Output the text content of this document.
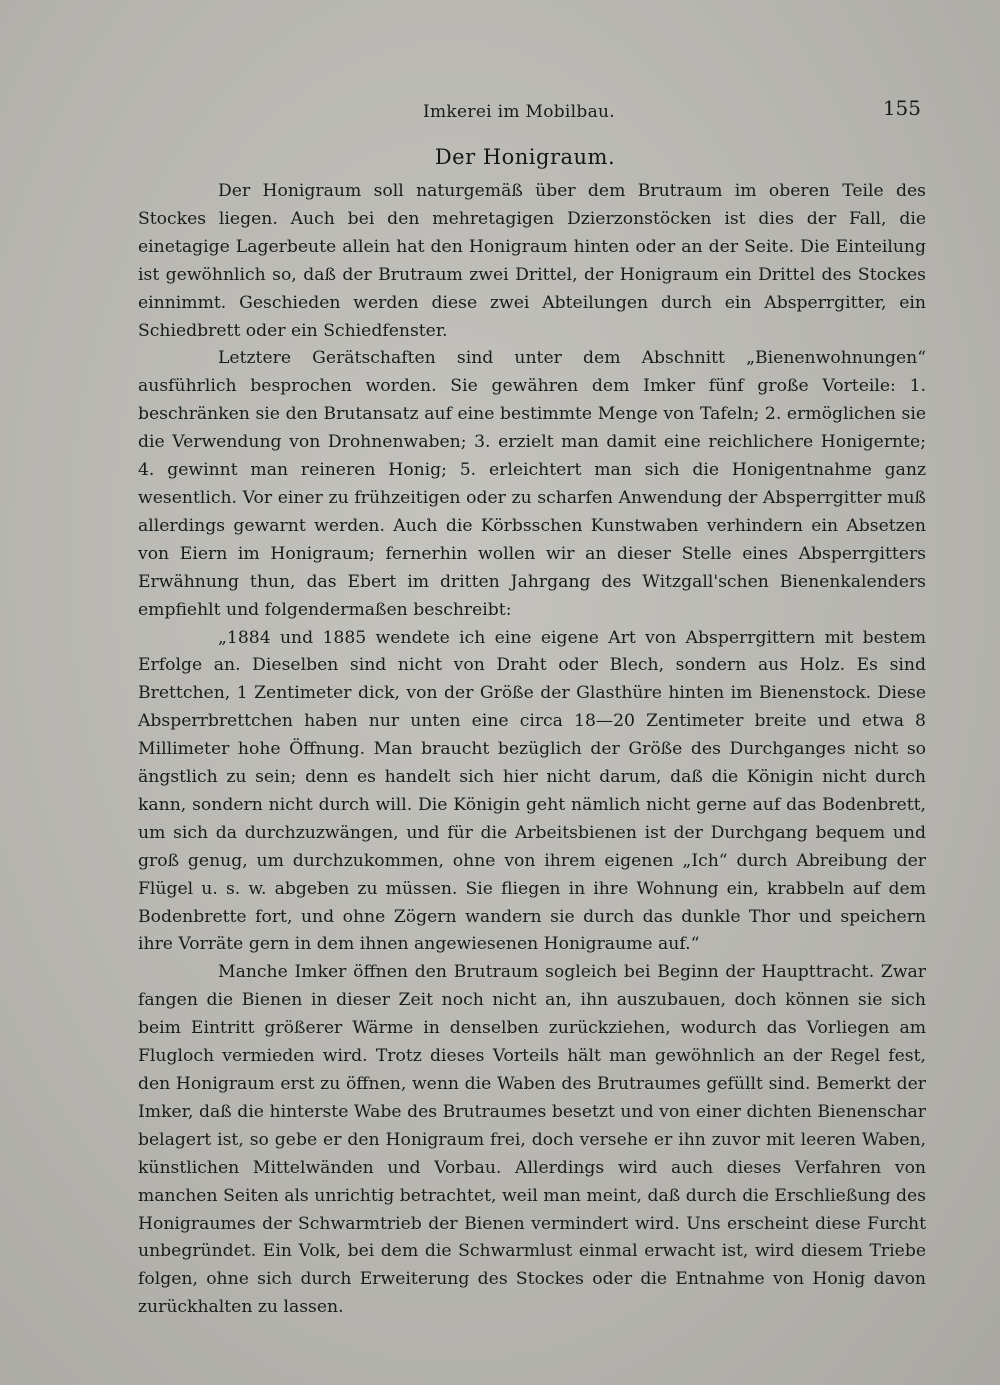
Imkerei im Mobilbau.	155
Der Honigraum.

Der Honigraum soll naturgemäß über dem Brutraum im oberen Teile des Stockes liegen. Auch bei den mehretagigen Dzierzonstöcken ist dies der Fall, die einetagige Lagerbeute allein hat den Honigraum hinten oder an der Seite. Die Einteilung ist gewöhnlich so, daß der Brutraum zwei Drittel, der Honigraum ein Drittel des Stockes einnimmt. Geschieden werden diese zwei Abteilungen durch ein Absperrgitter, ein Schiedbrett oder ein Schiedfenster.

Letztere Gerätschaften sind unter dem Abschnitt „Bienenwohnungen“ ausführlich besprochen worden. Sie gewähren dem Imker fünf große Vorteile: 1. beschränken sie den Brutansatz auf eine bestimmte Menge von Tafeln; 2. ermöglichen sie die Verwendung von Drohnenwaben; 3. erzielt man damit eine reichlichere Honigernte; 4. gewinnt man reineren Honig; 5. erleichtert man sich die Honigentnahme ganz wesentlich. Vor einer zu frühzeitigen oder zu scharfen Anwendung der Absperrgitter muß allerdings gewarnt werden. Auch die Körbsschen Kunstwaben verhindern ein Absetzen von Eiern im Honigraum; fernerhin wollen wir an dieser Stelle eines Absperrgitters Erwähnung thun, das Ebert im dritten Jahrgang des Witzgall'schen Bienenkalenders empfiehlt und folgendermaßen beschreibt:

„1884 und 1885 wendete ich eine eigene Art von Absperrgittern mit bestem Erfolge an. Dieselben sind nicht von Draht oder Blech, sondern aus Holz. Es sind Brettchen, 1 Zentimeter dick, von der Größe der Glasthüre hinten im Bienenstock. Diese Absperrbrettchen haben nur unten eine circa 18—20 Zentimeter breite und etwa 8 Millimeter hohe Öffnung. Man braucht bezüglich der Größe des Durchganges nicht so ängstlich zu sein; denn es handelt sich hier nicht darum, daß die Königin nicht durch kann, sondern nicht durch will. Die Königin geht nämlich nicht gerne auf das Bodenbrett, um sich da durchzuzwängen, und für die Arbeitsbienen ist der Durchgang bequem und groß genug, um durchzukommen, ohne von ihrem eigenen „Ich“ durch Abreibung der Flügel u. s. w. abgeben zu müssen. Sie fliegen in ihre Wohnung ein, krabbeln auf dem Bodenbrette fort, und ohne Zögern wandern sie durch das dunkle Thor und speichern ihre Vorräte gern in dem ihnen angewiesenen Honigraume auf.“

Manche Imker öffnen den Brutraum sogleich bei Beginn der Haupttracht. Zwar fangen die Bienen in dieser Zeit noch nicht an, ihn auszubauen, doch können sie sich beim Eintritt größerer Wärme in denselben zurückziehen, wodurch das Vorliegen am Flugloch vermieden wird. Trotz dieses Vorteils hält man gewöhnlich an der Regel fest, den Honigraum erst zu öffnen, wenn die Waben des Brutraumes gefüllt sind. Bemerkt der Imker, daß die hinterste Wabe des Brutraumes besetzt und von einer dichten Bienenschar belagert ist, so gebe er den Honigraum frei, doch versehe er ihn zuvor mit leeren Waben, künstlichen Mittelwänden und Vorbau. Allerdings wird auch dieses Verfahren von manchen Seiten als unrichtig betrachtet, weil man meint, daß durch die Erschließung des Honigraumes der Schwarmtrieb der Bienen vermindert wird. Uns erscheint diese Furcht unbegründet. Ein Volk, bei dem die Schwarmlust einmal erwacht ist, wird diesem Triebe folgen, ohne sich durch Erweiterung des Stockes oder die Entnahme von Honig davon zurückhalten zu lassen.
